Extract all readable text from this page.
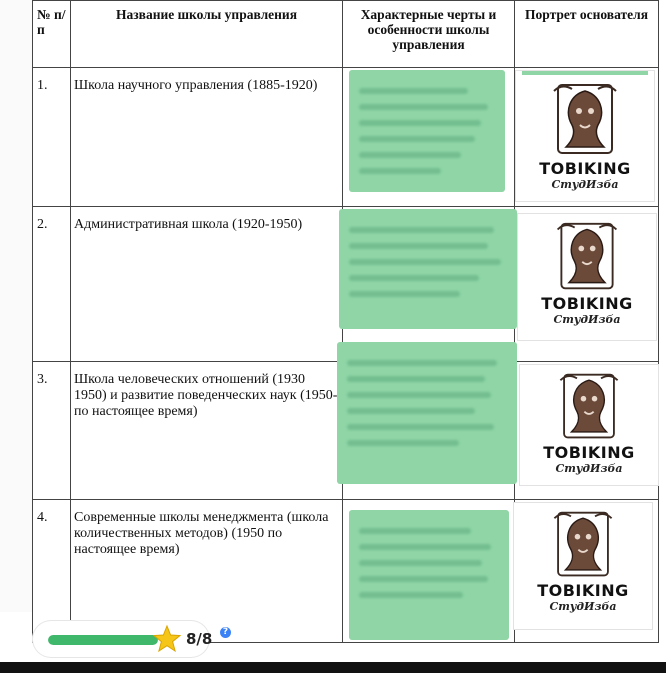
№ п/п	Название школы управления	Характерные черты и особенности школы управления	Портрет основателя
1.	Школа научного управления (1885-1920)		TOBIKING
СтудИзба

2.	Административная школа (1920-1950)		TOBIKING
СтудИзба

3.	Школа человеческих отношений (1930 1950) и развитие поведенческих наук (1950- по настоящее время)		TOBIKING
СтудИзба

4.	Современные школы менеджмента (школа количественных методов) (1950 по настоящее время)		TOBIKING
СтудИзба
8/8	?
